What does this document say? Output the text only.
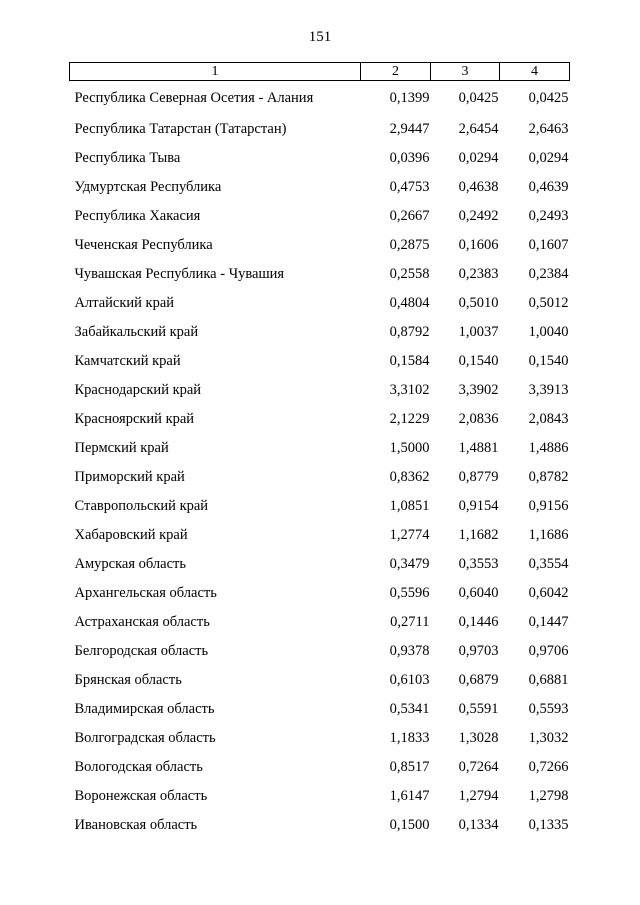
151
1	2	3	4
Республика Северная Осетия - Алания	0,1399	0,0425	0,0425
Республика Татарстан (Татарстан)	2,9447	2,6454	2,6463
Республика Тыва	0,0396	0,0294	0,0294
Удмуртская Республика	0,4753	0,4638	0,4639
Республика Хакасия	0,2667	0,2492	0,2493
Чеченская Республика	0,2875	0,1606	0,1607
Чувашская Республика - Чувашия	0,2558	0,2383	0,2384
Алтайский край	0,4804	0,5010	0,5012
Забайкальский край	0,8792	1,0037	1,0040
Камчатский край	0,1584	0,1540	0,1540
Краснодарский край	3,3102	3,3902	3,3913
Красноярский край	2,1229	2,0836	2,0843
Пермский край	1,5000	1,4881	1,4886
Приморский край	0,8362	0,8779	0,8782
Ставропольский край	1,0851	0,9154	0,9156
Хабаровский край	1,2774	1,1682	1,1686
Амурская область	0,3479	0,3553	0,3554
Архангельская область	0,5596	0,6040	0,6042
Астраханская область	0,2711	0,1446	0,1447
Белгородская область	0,9378	0,9703	0,9706
Брянская область	0,6103	0,6879	0,6881
Владимирская область	0,5341	0,5591	0,5593
Волгоградская область	1,1833	1,3028	1,3032
Вологодская область	0,8517	0,7264	0,7266
Воронежская область	1,6147	1,2794	1,2798
Ивановская область	0,1500	0,1334	0,1335
